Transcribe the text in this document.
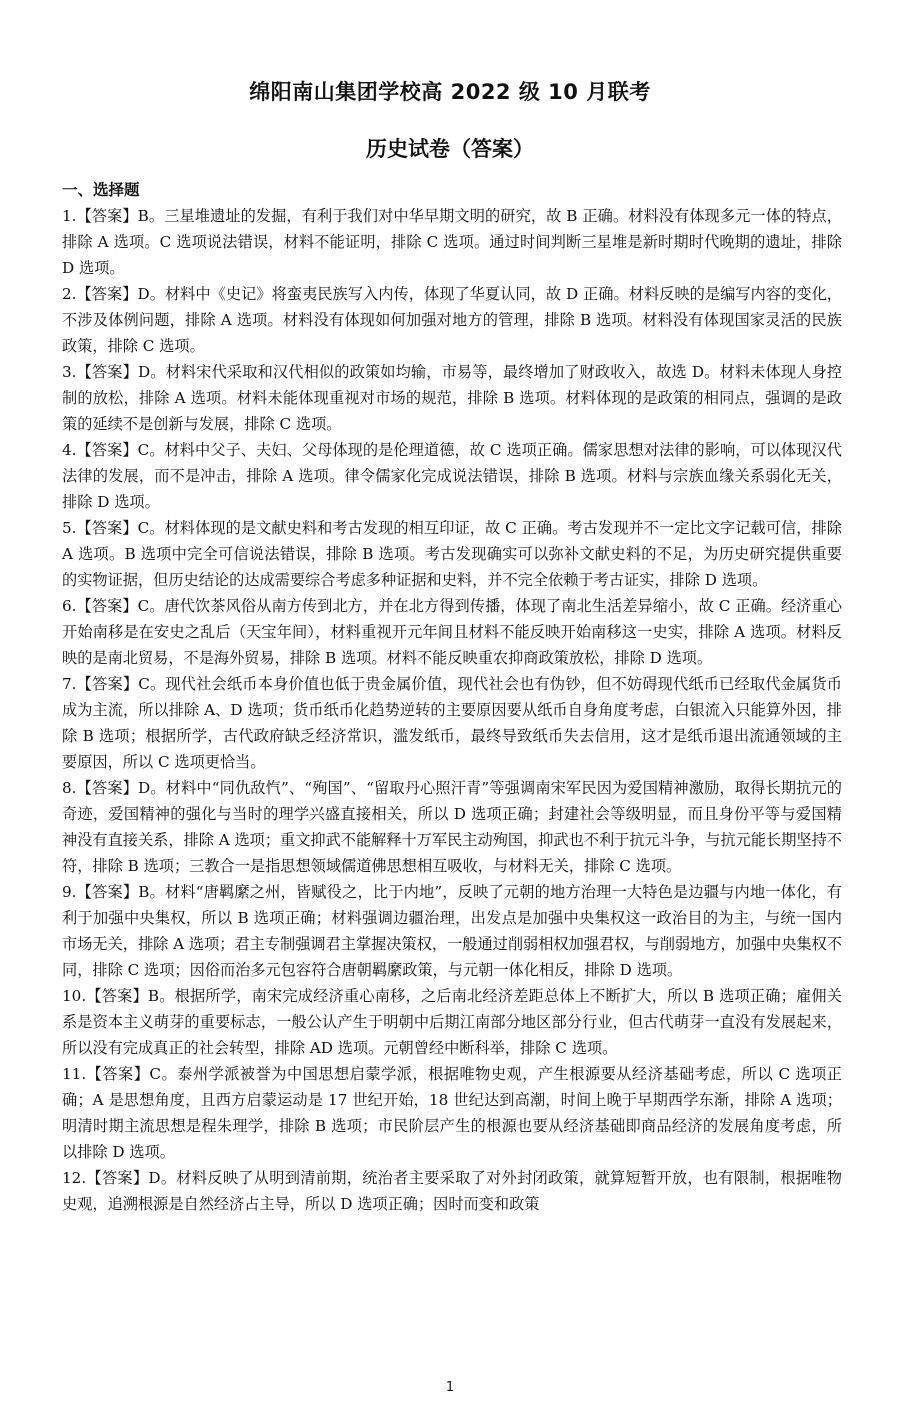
绵阳南山集团学校高 2022 级 10 月联考
历史试卷（答案）
一、选择题

1.【答案】B。三星堆遗址的发掘，有利于我们对中华早期文明的研究，故 B 正确。材料没有体现多元一体的特点，排除 A 选项。C 选项说法错误，材料不能证明，排除 C 选项。通过时间判断三星堆是新时期时代晚期的遗址，排除 D 选项。

2.【答案】D。材料中《史记》将蛮夷民族写入内传，体现了华夏认同，故 D 正确。材料反映的是编写内容的变化，不涉及体例问题，排除 A 选项。材料没有体现如何加强对地方的管理，排除 B 选项。材料没有体现国家灵活的民族政策，排除 C 选项。

3.【答案】D。材料宋代采取和汉代相似的政策如均输，市易等，最终增加了财政收入，故选 D。材料未体现人身控制的放松，排除 A 选项。材料未能体现重视对市场的规范，排除 B 选项。材料体现的是政策的相同点，强调的是政策的延续不是创新与发展，排除 C 选项。

4.【答案】C。材料中父子、夫妇、父母体现的是伦理道德，故 C 选项正确。儒家思想对法律的影响，可以体现汉代法律的发展，而不是冲击，排除 A 选项。律令儒家化完成说法错误，排除 B 选项。材料与宗族血缘关系弱化无关，排除 D 选项。

5.【答案】C。材料体现的是文献史料和考古发现的相互印证，故 C 正确。考古发现并不一定比文字记载可信，排除 A 选项。B 选项中完全可信说法错误，排除 B 选项。考古发现确实可以弥补文献史料的不足，为历史研究提供重要的实物证据，但历史结论的达成需要综合考虑多种证据和史料，并不完全依赖于考古证实，排除 D 选项。

6.【答案】C。唐代饮茶风俗从南方传到北方，并在北方得到传播，体现了南北生活差异缩小，故 C 正确。经济重心开始南移是在安史之乱后（天宝年间），材料重视开元年间且材料不能反映开始南移这一史实，排除 A 选项。材料反映的是南北贸易，不是海外贸易，排除 B 选项。材料不能反映重农抑商政策放松，排除 D 选项。

7.【答案】C。现代社会纸币本身价值也低于贵金属价值，现代社会也有伪钞，但不妨碍现代纸币已经取代金属货币成为主流，所以排除 A、D 选项；货币纸币化趋势逆转的主要原因要从纸币自身角度考虑，白银流入只能算外因，排除 B 选项；根据所学，古代政府缺乏经济常识，滥发纸币，最终导致纸币失去信用，这才是纸币退出流通领域的主要原因，所以 C 选项更恰当。

8.【答案】D。材料中“同仇敌忾”、“殉国”、“留取丹心照汗青”等强调南宋军民因为爱国精神激励，取得长期抗元的奇迹，爱国精神的强化与当时的理学兴盛直接相关，所以 D 选项正确；封建社会等级明显，而且身份平等与爱国精神没有直接关系，排除 A 选项；重文抑武不能解释十万军民主动殉国，抑武也不利于抗元斗争，与抗元能长期坚持不符，排除 B 选项；三教合一是指思想领域儒道佛思想相互吸收，与材料无关，排除 C 选项。

9.【答案】B。材料“唐羁縻之州，皆赋役之，比于内地”，反映了元朝的地方治理一大特色是边疆与内地一体化，有利于加强中央集权，所以 B 选项正确；材料强调边疆治理，出发点是加强中央集权这一政治目的为主，与统一国内市场无关，排除 A 选项；君主专制强调君主掌握决策权，一般通过削弱相权加强君权，与削弱地方，加强中央集权不同，排除 C 选项；因俗而治多元包容符合唐朝羁縻政策，与元朝一体化相反，排除 D 选项。

10.【答案】B。根据所学，南宋完成经济重心南移，之后南北经济差距总体上不断扩大，所以 B 选项正确；雇佣关系是资本主义萌芽的重要标志，一般公认产生于明朝中后期江南部分地区部分行业，但古代萌芽一直没有发展起来，所以没有完成真正的社会转型，排除 AD 选项。元朝曾经中断科举，排除 C 选项。

11.【答案】C。泰州学派被誉为中国思想启蒙学派，根据唯物史观，产生根源要从经济基础考虑，所以 C 选项正确；A 是思想角度，且西方启蒙运动是 17 世纪开始，18 世纪达到高潮，时间上晚于早期西学东渐，排除 A 选项；明清时期主流思想是程朱理学，排除 B 选项；市民阶层产生的根源也要从经济基础即商品经济的发展角度考虑，所以排除 D 选项。

12.【答案】D。材料反映了从明到清前期，统治者主要采取了对外封闭政策，就算短暂开放，也有限制，根据唯物史观，追溯根源是自然经济占主导，所以 D 选项正确；因时而变和政策

1
